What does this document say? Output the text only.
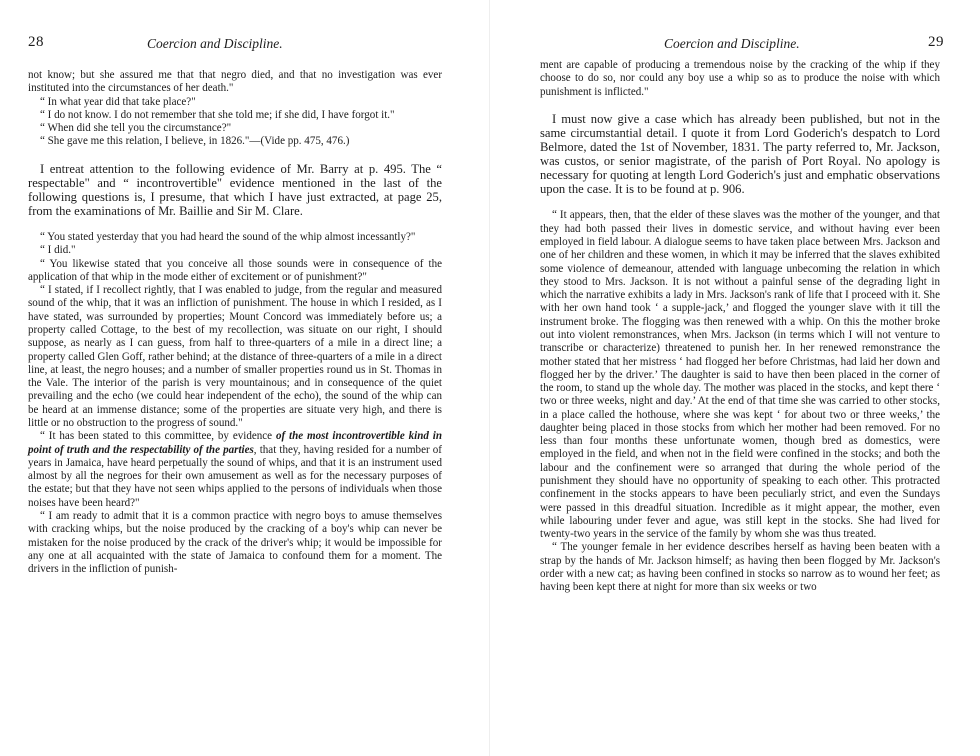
28	Coercion and Discipline.

not know; but she assured me that that negro died, and that no investigation was ever instituted into the circumstances of her death."

“ In what year did that take place?"

“ I do not know. I do not remember that she told me; if she did, I have forgot it."

“ When did she tell you the circumstance?"

“ She gave me this relation, I believe, in 1826."—(Vide pp. 475, 476.)

I entreat attention to the following evidence of Mr. Barry at p. 495. The “ respectable" and “ incontrovertible" evidence mentioned in the last of the following questions is, I presume, that which I have just extracted, at page 25, from the examinations of Mr. Baillie and Sir M. Clare.

“ You stated yesterday that you had heard the sound of the whip almost incessantly?"

“ I did."

“ You likewise stated that you conceive all those sounds were in consequence of the application of that whip in the mode either of excitement or of punishment?"

“ I stated, if I recollect rightly, that I was enabled to judge, from the regular and measured sound of the whip, that it was an infliction of punishment. The house in which I resided, as I have stated, was surrounded by properties; Mount Concord was immediately before us; a property called Cottage, to the best of my recollection, was situate on our right, I should suppose, as nearly as I can guess, from half to three-quarters of a mile in a direct line; a property called Glen Goff, rather behind; at the distance of three-quarters of a mile in a direct line, at least, the negro houses; and a number of smaller properties round us in St. Thomas in the Vale. The interior of the parish is very mountainous; and in consequence of the quiet prevailing and the echo (we could hear independent of the echo), the sound of the whip can be heard at an immense distance; some of the properties are situate very high, and there is little or no obstruction to the progress of sound."

“ It has been stated to this committee, by evidence of the most incontrovertible kind in point of truth and the respectability of the parties, that they, having resided for a number of years in Jamaica, have heard perpetually the sound of whips, and that it is an instrument used almost by all the negroes for their own amusement as well as for the necessary purposes of the estate; but that they have not seen whips applied to the persons of individuals when those noises have been heard?"

“ I am ready to admit that it is a common practice with negro boys to amuse themselves with cracking whips, but the noise produced by the cracking of a boy's whip can never be mistaken for the noise produced by the crack of the driver's whip; it would be impossible for any one at all acquainted with the state of Jamaica to confound them for a moment. The drivers in the infliction of punish-

Coercion and Discipline.	29

ment are capable of producing a tremendous noise by the cracking of the whip if they choose to do so, nor could any boy use a whip so as to produce the noise with which punishment is inflicted."

I must now give a case which has already been published, but not in the same circumstantial detail. I quote it from Lord Goderich's despatch to Lord Belmore, dated the 1st of November, 1831. The party referred to, Mr. Jackson, was custos, or senior magistrate, of the parish of Port Royal. No apology is necessary for quoting at length Lord Goderich's just and emphatic observations upon the case. It is to be found at p. 906.

“ It appears, then, that the elder of these slaves was the mother of the younger, and that they had both passed their lives in domestic service, and without having ever been employed in field labour. A dialogue seems to have taken place between Mrs. Jackson and one of her children and these women, in which it may be inferred that the slaves exhibited some violence of demeanour, attended with language unbecoming the relation in which they stood to Mrs. Jackson. It is not without a painful sense of the degrading light in which the narrative exhibits a lady in Mrs. Jackson's rank of life that I proceed with it. She with her own hand took ‘ a supple-jack,’ and flogged the younger slave with it till the instrument broke. The flogging was then renewed with a whip. On this the mother broke out into violent remonstrances, when Mrs. Jackson (in terms which I will not venture to transcribe or characterize) threatened to punish her. In her renewed remonstrance the mother stated that her mistress ‘ had flogged her before Christmas, had laid her down and flogged her by the driver.’ The daughter is said to have then been placed in the corner of the room, to stand up the whole day. The mother was placed in the stocks, and kept there ‘ two or three weeks, night and day.’ At the end of that time she was carried to other stocks, in a place called the hothouse, where she was kept ‘ for about two or three weeks,’ the daughter being placed in those stocks from which her mother had been removed. For no less than four months these unfortunate women, though bred as domestics, were employed in the field, and when not in the field were confined in the stocks; and both the labour and the confinement were so arranged that during the whole period of the punishment they should have no opportunity of speaking to each other. This protracted confinement in the stocks appears to have been peculiarly strict, and even the Sundays were passed in this dreadful situation. Incredible as it might appear, the mother, even while labouring under fever and ague, was still kept in the stocks. She had lived for twenty-two years in the service of the family by whom she was thus treated.

“ The younger female in her evidence describes herself as having been beaten with a strap by the hands of Mr. Jackson himself; as having then been flogged by Mr. Jackson's order with a new cat; as having been confined in stocks so narrow as to wound her feet; as having been kept there at night for more than six weeks or two
